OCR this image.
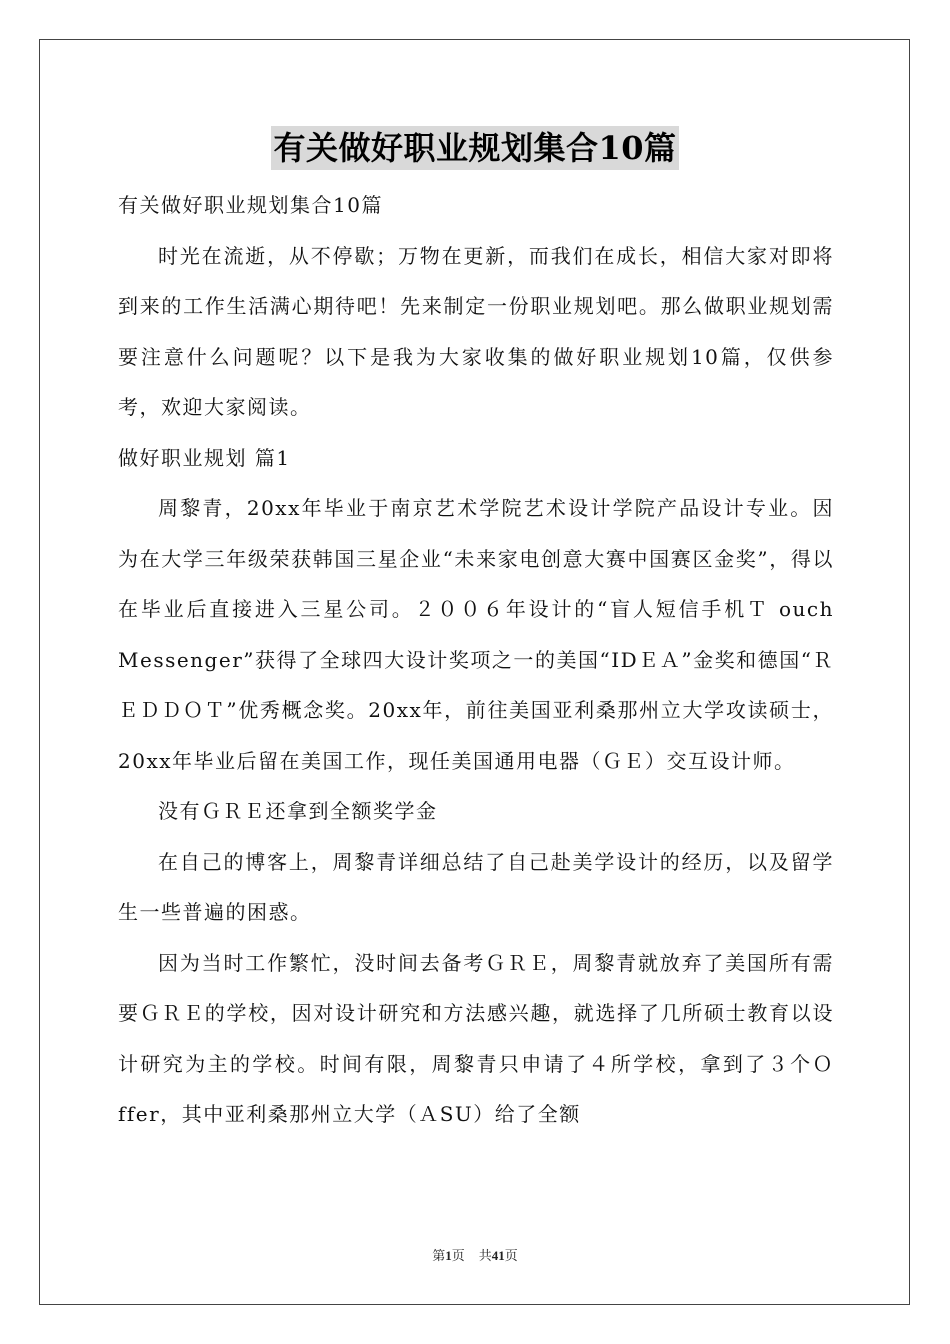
有关做好职业规划集合10篇

有关做好职业规划集合10篇

时光在流逝，从不停歇；万物在更新，而我们在成长，相信大家对即将到来的工作生活满心期待吧！先来制定一份职业规划吧。那么做职业规划需要注意什么问题呢？以下是我为大家收集的做好职业规划10篇，仅供参考，欢迎大家阅读。

做好职业规划 篇1

周黎青，20xx年毕业于南京艺术学院艺术设计学院产品设计专业。因为在大学三年级荣获韩国三星企业“未来家电创意大赛中国赛区金奖”，得以在毕业后直接进入三星公司。２００６年设计的“盲人短信手机Ｔ ouch Messenger”获得了全球四大设计奖项之一的美国“IDＥＡ”金奖和德国“ＲＥＤＤＯＴ”优秀概念奖。20xx年，前往美国亚利桑那州立大学攻读硕士，20xx年毕业后留在美国工作，现任美国通用电器（ＧＥ）交互设计师。

没有ＧＲＥ还拿到全额奖学金

在自己的博客上，周黎青详细总结了自己赴美学设计的经历，以及留学生一些普遍的困惑。

因为当时工作繁忙，没时间去备考ＧＲＥ，周黎青就放弃了美国所有需要ＧＲＥ的学校，因对设计研究和方法感兴趣，就选择了几所硕士教育以设计研究为主的学校。时间有限，周黎青只申请了４所学校，拿到了３个Ｏ ffer，其中亚利桑那州立大学（ＡSU）给了全额

第1页 共41页
